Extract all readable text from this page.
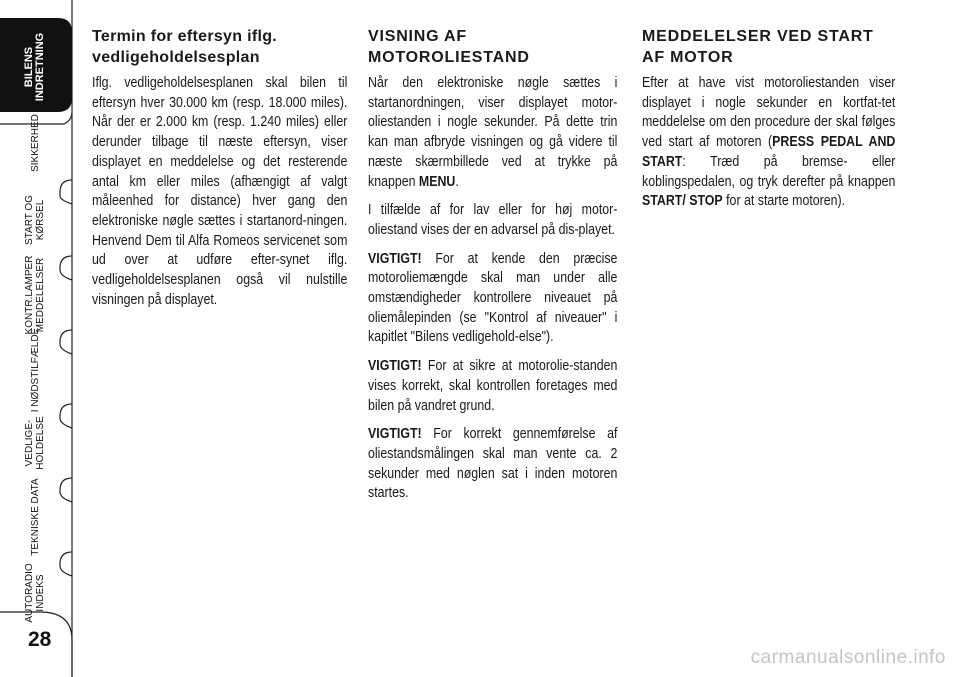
BILENS
INDRETNING
SIKKERHED
START OG
KØRSEL
KONTR.LAMPER
MEDDELELSER
I NØDSTILFÆLDE
VEDLIGE-
HOLDELSE
TEKNISKE DATA
AUTORADIO
INDEKS
28
Termin for eftersyn iflg. vedligeholdelsesplan

Iflg. vedligeholdelsesplanen skal bilen til eftersyn hver 30.000 km (resp. 18.000 miles). Når der er 2.000 km (resp. 1.240 miles) eller derunder tilbage til næste eftersyn, viser displayet en meddelelse og det resterende antal km eller miles (afhængigt af valgt måleenhed for distance) hver gang den elektroniske nøgle sættes i startanord-ningen. Henvend Dem til Alfa Romeos servicenet som ud over at udføre efter-synet iflg. vedligeholdelsesplanen også vil nulstille visningen på displayet.

VISNING AF MOTOROLIESTAND

Når den elektroniske nøgle sættes i startanordningen, viser displayet motor-oliestanden i nogle sekunder. På dette trin kan man afbryde visningen og gå videre til næste skærmbillede ved at trykke på knappen MENU.

I tilfælde af for lav eller for høj motor-oliestand vises der en advarsel på dis-playet.

VIGTIGT! For at kende den præcise motoroliemængde skal man under alle omstændigheder kontrollere niveauet på oliemålepinden (se "Kontrol af niveauer" i kapitlet "Bilens vedligehold-else").

VIGTIGT! For at sikre at motorolie-standen vises korrekt, skal kontrollen foretages med bilen på vandret grund.

VIGTIGT! For korrekt gennemførelse af oliestandsmålingen skal man vente ca. 2 sekunder med nøglen sat i inden motoren startes.

MEDDELELSER VED START AF MOTOR

Efter at have vist motoroliestanden viser displayet i nogle sekunder en kortfat-tet meddelelse om den procedure der skal følges ved start af motoren (PRESS PEDAL AND START: Træd på bremse- eller koblingspedalen, og tryk derefter på knappen START/ STOP for at starte motoren).

carmanualsonline.info
